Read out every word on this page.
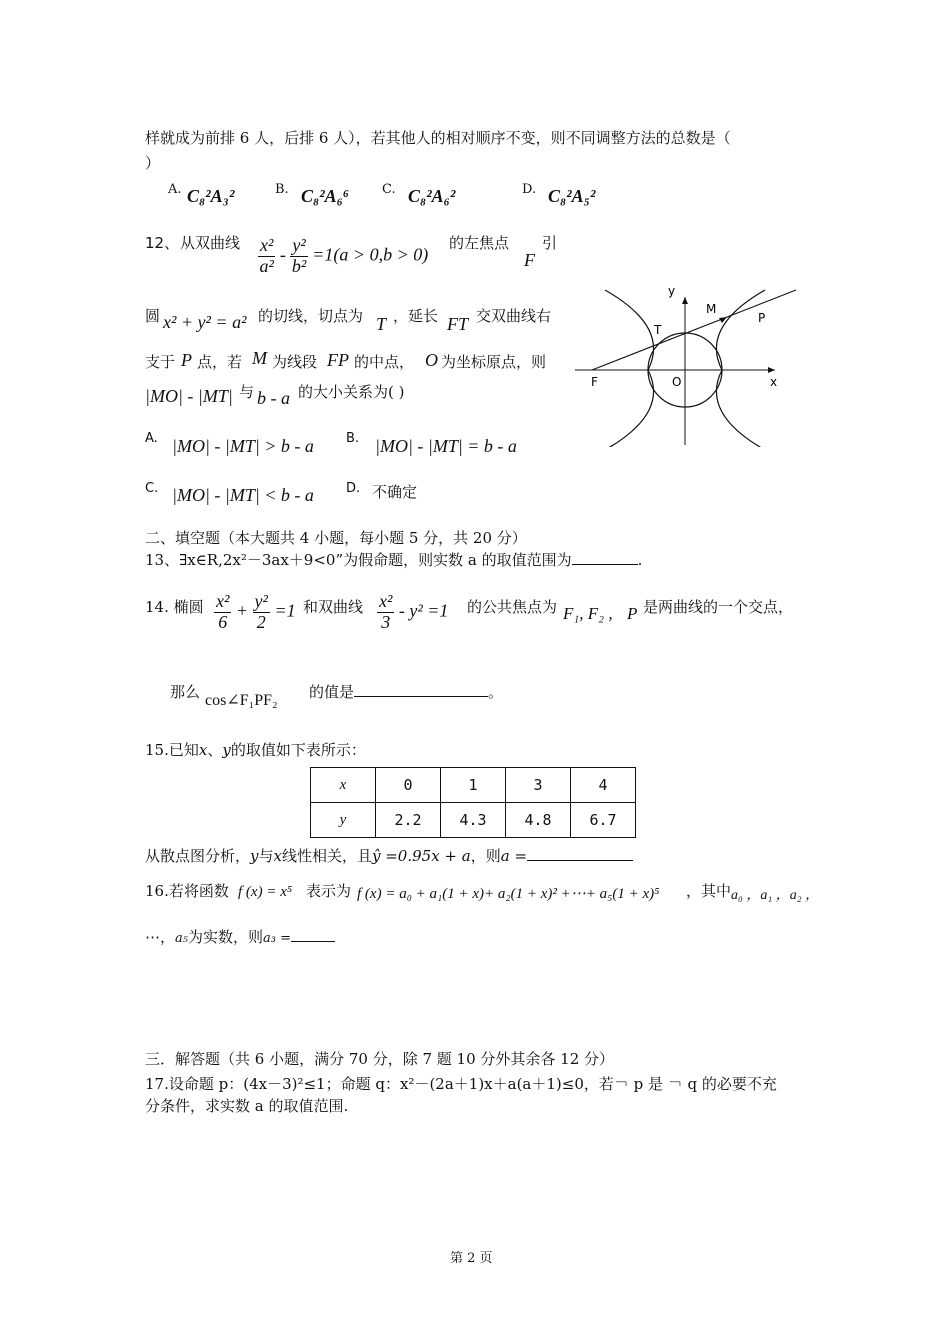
样就成为前排 6 人，后排 6 人），若其他人的相对顺序不变，则不同调整方法的总数是（
）
A. C₈²A₃²	B. C₈²A₆⁶	C. C₈²A₆²	D. C₈²A₅²
12、 从双曲线 $\frac{\text{x²}}{\text{a²}} - \frac{\text{y²}}{\text{b²}} =1(a > 0,b > 0)$
的左焦点
F
引
圆 x² + y² = a² 的切线，切点为 T ，延长 FT 交双曲线右
支于 P 点，若 M 为线段 FP 的中点， O 为坐标原点，则
|MO| - |MT| 与 b - a 的大小关系为( )
A. |MO| - |MT| > b - a B. |MO| - |MT| = b - a
C. |MO| - |MT| < b - a D. 不确定
y
x
M
P
T
F	O
二、填空题（本大题共 4 小题，每小题 5 分，共 20 分）
13、∃x∈R,2x²－3ax＋9<0”为假命题，则实数 a 的取值范围为	.
14. 椭圆 $\frac{\text{x²}}{6} + \frac{\text{y²}}{2} =1$ 和双曲线 $\frac{\text{x²}}{3} - y^2 =1$ 的公共焦点为 F₁, F₂ , P 是两曲线的一个交点，
那么 cos∠F₁PF₂ 的值是	。
15.已知x、y的取值如下表所示：
x	0	1	3	4
y	2.2	4.3	4.8	6.7
从散点图分析，y与x线性相关，且ŷ =0.95x + a，则a =
16.若将函数 f (x) = x⁵ 表示为 f (x) = a₀ + a₁(1 + x)+ a₂(1 + x)² +⋯+ a₅(1 + x)⁵ ，其中 a₀ ，a₁ ，a₂ ，
⋯，a₅为实数，则a₃ =
三．解答题（共 6 小题，满分 70 分，除 7 题 10 分外其余各 12 分）
17.设命题 p：(4x－3)²≤1；命题 q：x²－(2a＋1)x＋a(a＋1)≤0，若￢ p 是 ￢ q 的必要不充
分条件，求实数 a 的取值范围.
第 2 页
